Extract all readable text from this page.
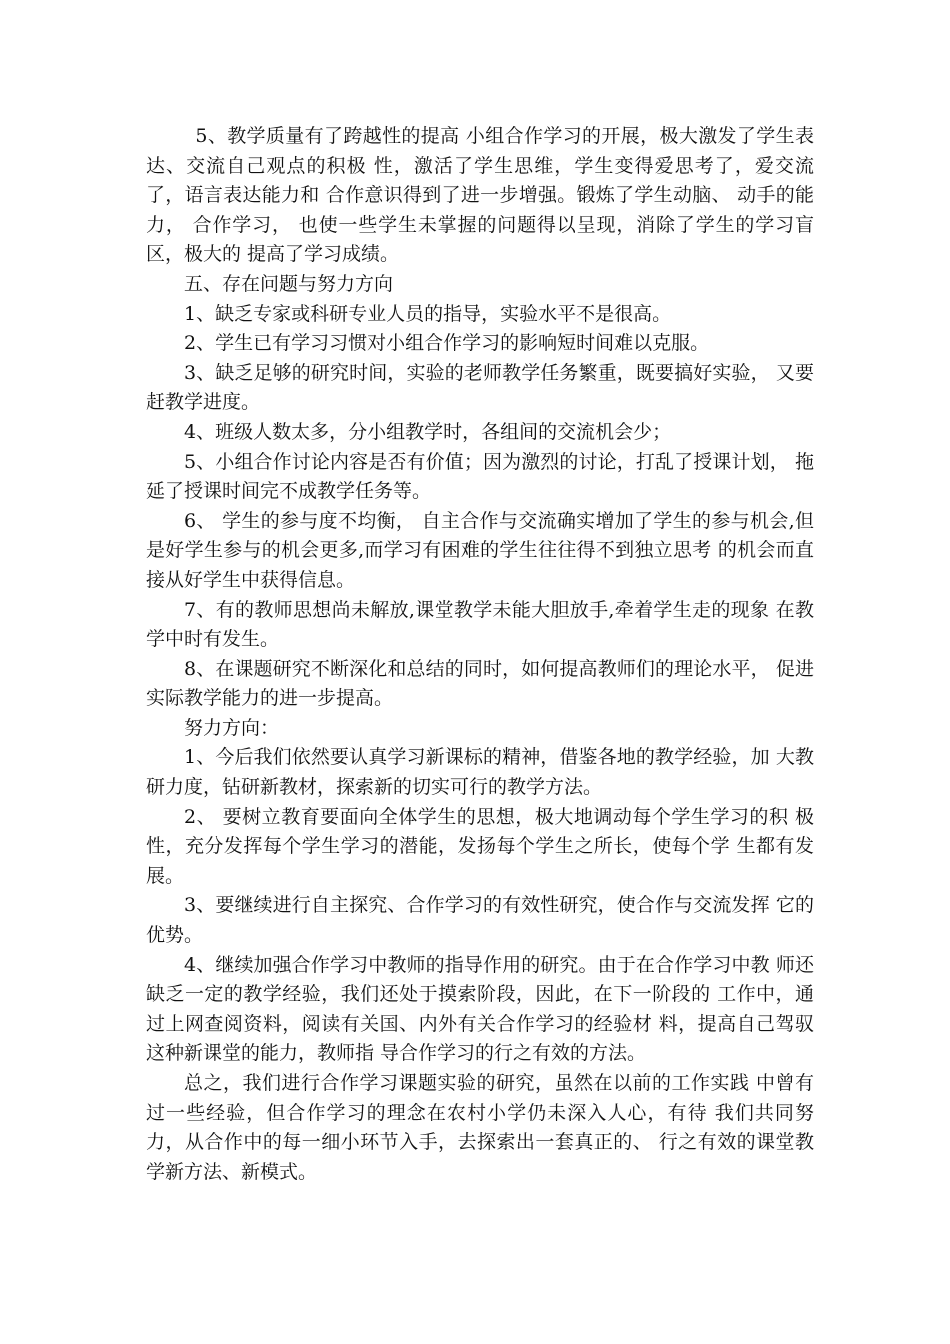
5、教学质量有了跨越性的提高 小组合作学习的开展，极大激发了学生表达、交流自己观点的积极 性，激活了学生思维，学生变得爱思考了，爱交流了，语言表达能力和 合作意识得到了进一步增强。锻炼了学生动脑、 动手的能力， 合作学习， 也使一些学生未掌握的问题得以呈现，消除了学生的学习盲区，极大的 提高了学习成绩。

五、存在问题与努力方向

1、缺乏专家或科研专业人员的指导，实验水平不是很高。

2、学生已有学习习惯对小组合作学习的影响短时间难以克服。

3、缺乏足够的研究时间，实验的老师教学任务繁重，既要搞好实验， 又要赶教学进度。

4、班级人数太多，分小组教学时，各组间的交流机会少；

5、小组合作讨论内容是否有价值；因为激烈的讨论，打乱了授课计划， 拖延了授课时间完不成教学任务等。

6、 学生的参与度不均衡， 自主合作与交流确实增加了学生的参与机会,但是好学生参与的机会更多,而学习有困难的学生往往得不到独立思考 的机会而直接从好学生中获得信息。

7、有的教师思想尚未解放,课堂教学未能大胆放手,牵着学生走的现象 在教学中时有发生。

8、在课题研究不断深化和总结的同时，如何提高教师们的理论水平， 促进实际教学能力的进一步提高。

努力方向：

1、今后我们依然要认真学习新课标的精神，借鉴各地的教学经验，加 大教研力度，钻研新教材，探索新的切实可行的教学方法。

2、 要树立教育要面向全体学生的思想，极大地调动每个学生学习的积 极性，充分发挥每个学生学习的潜能，发扬每个学生之所长，使每个学 生都有发展。

3、要继续进行自主探究、合作学习的有效性研究，使合作与交流发挥 它的优势。

4、继续加强合作学习中教师的指导作用的研究。由于在合作学习中教 师还缺乏一定的教学经验，我们还处于摸索阶段，因此，在下一阶段的 工作中，通过上网查阅资料，阅读有关国、内外有关合作学习的经验材 料，提高自己驾驭这种新课堂的能力，教师指 导合作学习的行之有效的方法。

总之，我们进行合作学习课题实验的研究，虽然在以前的工作实践 中曾有过一些经验，但合作学习的理念在农村小学仍未深入人心，有待 我们共同努力，从合作中的每一细小环节入手，去探索出一套真正的、 行之有效的课堂教学新方法、新模式。
